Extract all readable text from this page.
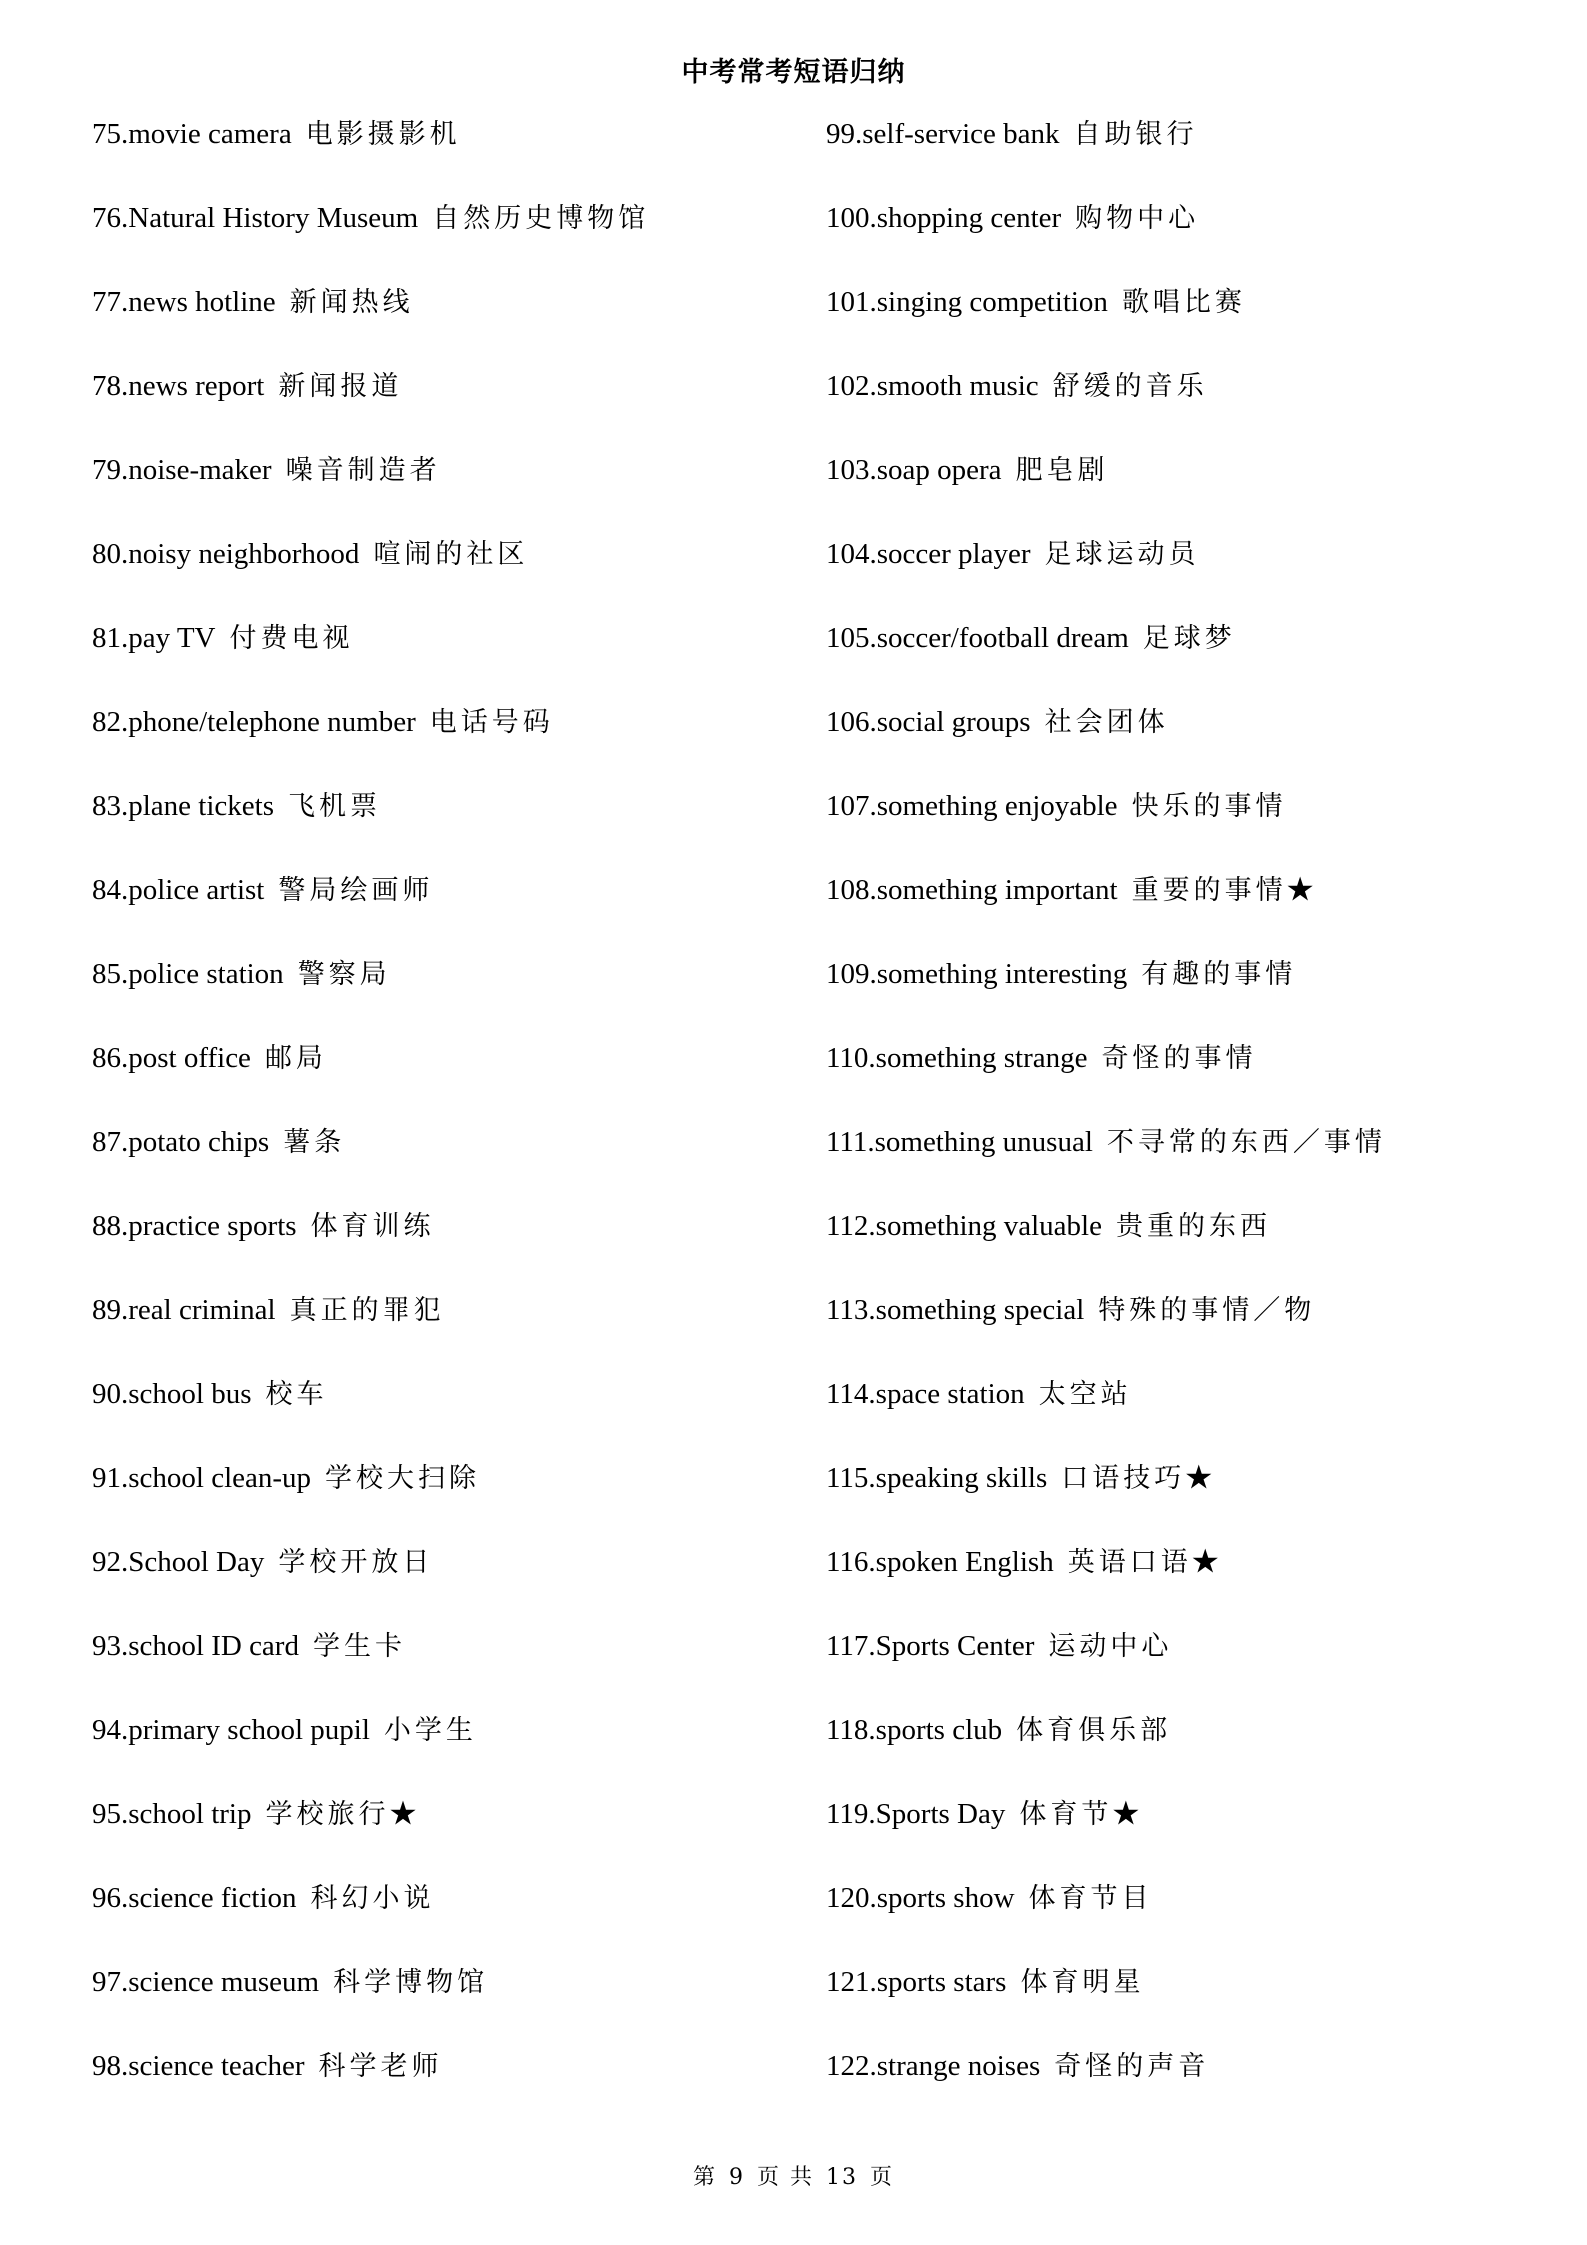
中考常考短语归纳
75.movie camera 电影摄影机
76.Natural History Museum 自然历史博物馆
77.news hotline 新闻热线
78.news report 新闻报道
79.noise-maker 噪音制造者
80.noisy neighborhood 喧闹的社区
81.pay TV 付费电视
82.phone/telephone number 电话号码
83.plane tickets 飞机票
84.police artist 警局绘画师
85.police station 警察局
86.post office 邮局
87.potato chips 薯条
88.practice sports 体育训练
89.real criminal 真正的罪犯
90.school bus 校车
91.school clean-up 学校大扫除
92.School Day 学校开放日
93.school ID card 学生卡
94.primary school pupil 小学生
95.school trip 学校旅行★
96.science fiction 科幻小说
97.science museum 科学博物馆
98.science teacher 科学老师
99.self-service bank 自助银行
100.shopping center 购物中心
101.singing competition 歌唱比赛
102.smooth music 舒缓的音乐
103.soap opera 肥皂剧
104.soccer player 足球运动员
105.soccer/football dream 足球梦
106.social groups 社会团体
107.something enjoyable 快乐的事情
108.something important 重要的事情★
109.something interesting 有趣的事情
110.something strange 奇怪的事情
111.something unusual 不寻常的东西／事情
112.something valuable 贵重的东西
113.something special 特殊的事情／物
114.space station 太空站
115.speaking skills 口语技巧★
116.spoken English 英语口语★
117.Sports Center 运动中心
118.sports club 体育俱乐部
119.Sports Day 体育节★
120.sports show 体育节目
121.sports stars 体育明星
122.strange noises 奇怪的声音
第 9 页 共 13 页
